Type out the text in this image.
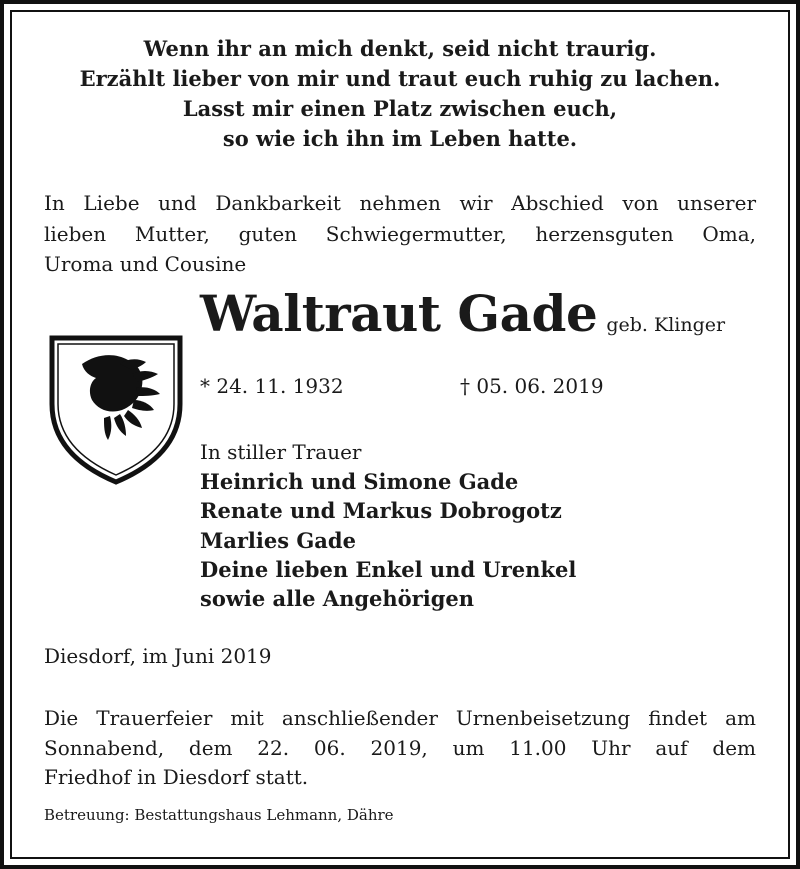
Wenn ihr an mich denkt, seid nicht traurig.
Erzählt lieber von mir und traut euch ruhig zu lachen.
Lasst mir einen Platz zwischen euch,
so wie ich ihn im Leben hatte.
In Liebe und Dankbarkeit nehmen wir Abschied von unserer
lieben Mutter, guten Schwiegermutter, herzensguten Oma,
Uroma und Cousine
Waltraut Gade geb. Klinger
* 24. 11. 1932	† 05. 06. 2019
In stiller Trauer
Heinrich und Simone Gade
Renate und Markus Dobrogotz
Marlies Gade
Deine lieben Enkel und Urenkel
sowie alle Angehörigen
Diesdorf, im Juni 2019
Die Trauerfeier mit anschließender Urnenbeisetzung findet am
Sonnabend, dem 22. 06. 2019, um 11.00 Uhr auf dem
Friedhof in Diesdorf statt.
Betreuung: Bestattungshaus Lehmann, Dähre
